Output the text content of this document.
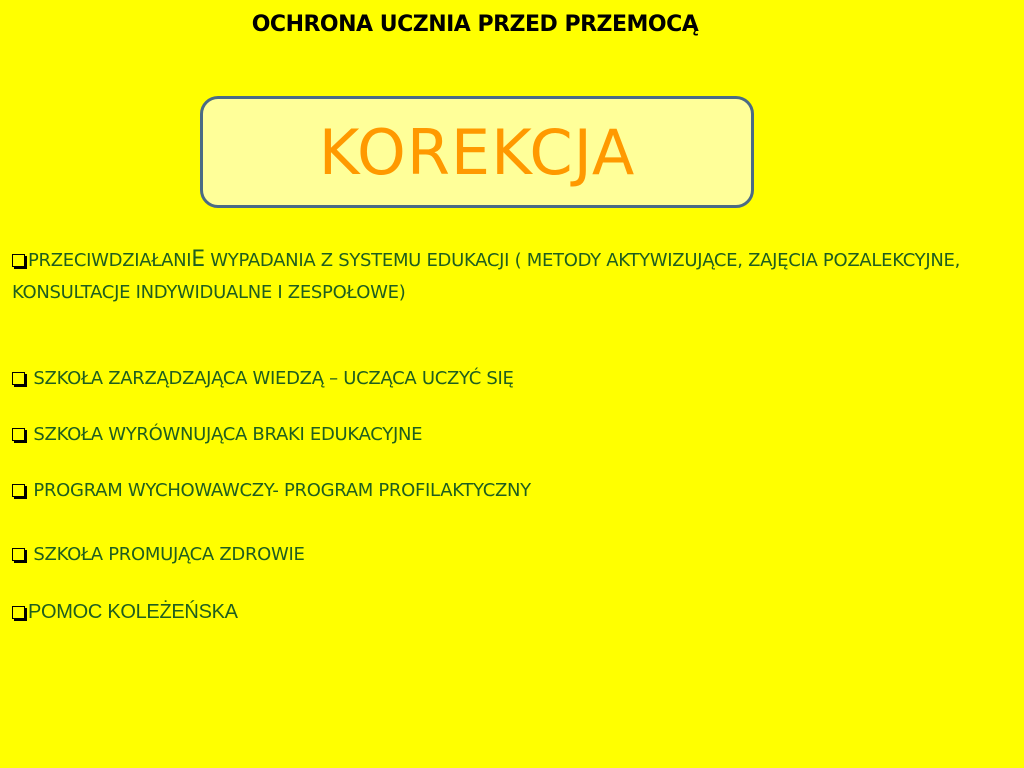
OCHRONA UCZNIA PRZED PRZEMOCĄ
KOREKCJA
PRZECIWDZIAŁANIE WYPADANIA Z SYSTEMU EDUKACJI ( METODY AKTYWIZUJĄCE, ZAJĘCIA POZALEKCYJNE, KONSULTACJE INDYWIDUALNE I ZESPOŁOWE)
SZKOŁA ZARZĄDZAJĄCA WIEDZĄ – UCZĄCA UCZYĆ SIĘ
SZKOŁA WYRÓWNUJĄCA BRAKI EDUKACYJNE
PROGRAM WYCHOWAWCZY- PROGRAM PROFILAKTYCZNY
SZKOŁA PROMUJĄCA ZDROWIE
POMOC KOLEŻEŃSKA
